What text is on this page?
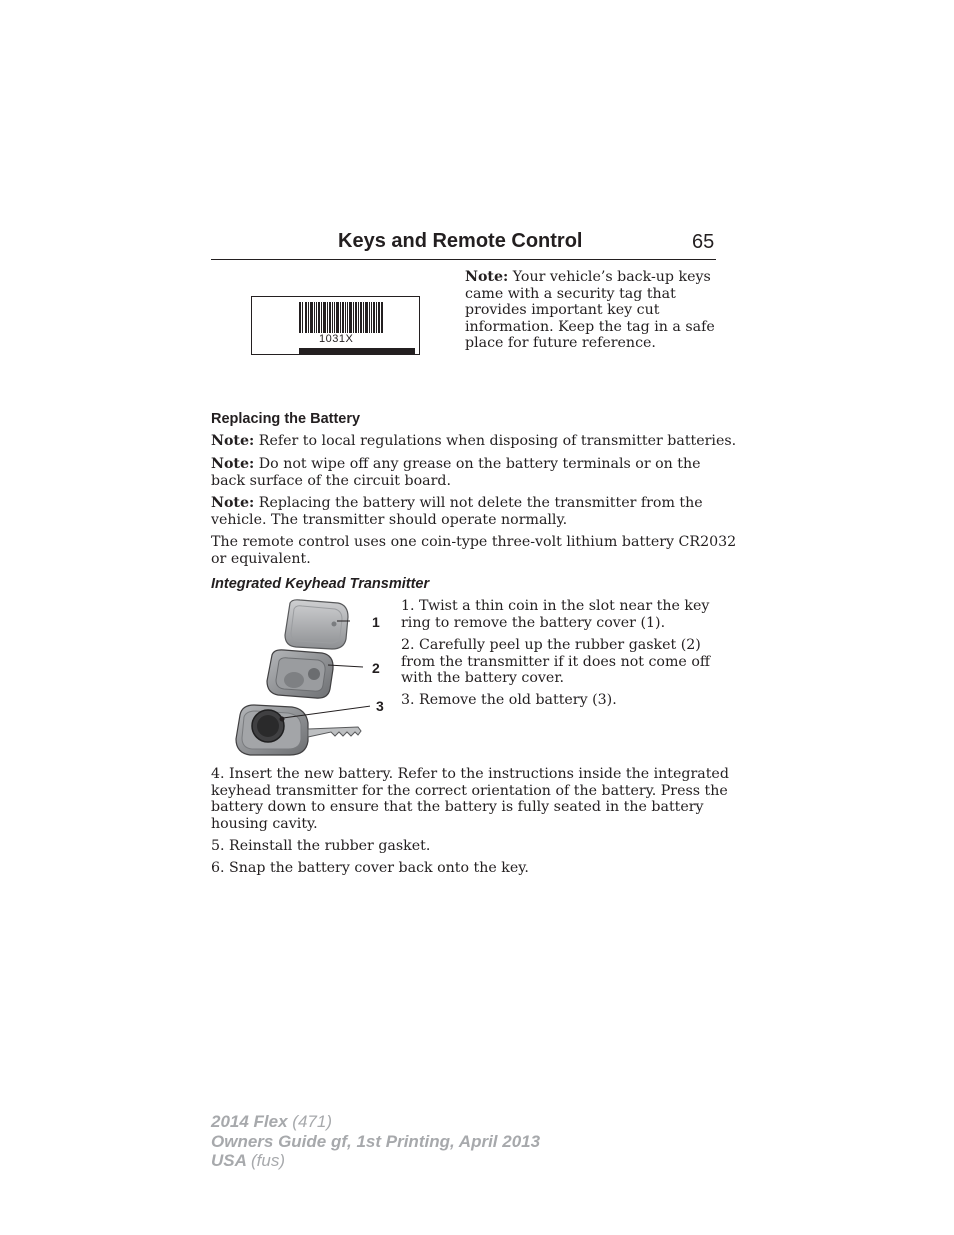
Keys and Remote Control	65
1031X
Note: Your vehicle’s back-up keys
came with a security tag that
provides important key cut
information. Keep the tag in a safe
place for future reference.
Replacing the Battery
Note: Refer to local regulations when disposing of transmitter batteries.
Note: Do not wipe off any grease on the battery terminals or on the
back surface of the circuit board.
Note: Replacing the battery will not delete the transmitter from the
vehicle. The transmitter should operate normally.
The remote control uses one coin-type three-volt lithium battery CR2032
or equivalent.
Integrated Keyhead Transmitter
1
2
3
1. Twist a thin coin in the slot near the key
ring to remove the battery cover (1).
2. Carefully peel up the rubber gasket (2)
from the transmitter if it does not come off
with the battery cover.
3. Remove the old battery (3).
4. Insert the new battery. Refer to the instructions inside the integrated
keyhead transmitter for the correct orientation of the battery. Press the
battery down to ensure that the battery is fully seated in the battery
housing cavity.
5. Reinstall the rubber gasket.
6. Snap the battery cover back onto the key.
2014 Flex (471)
Owners Guide gf, 1st Printing, April 2013
USA (fus)
